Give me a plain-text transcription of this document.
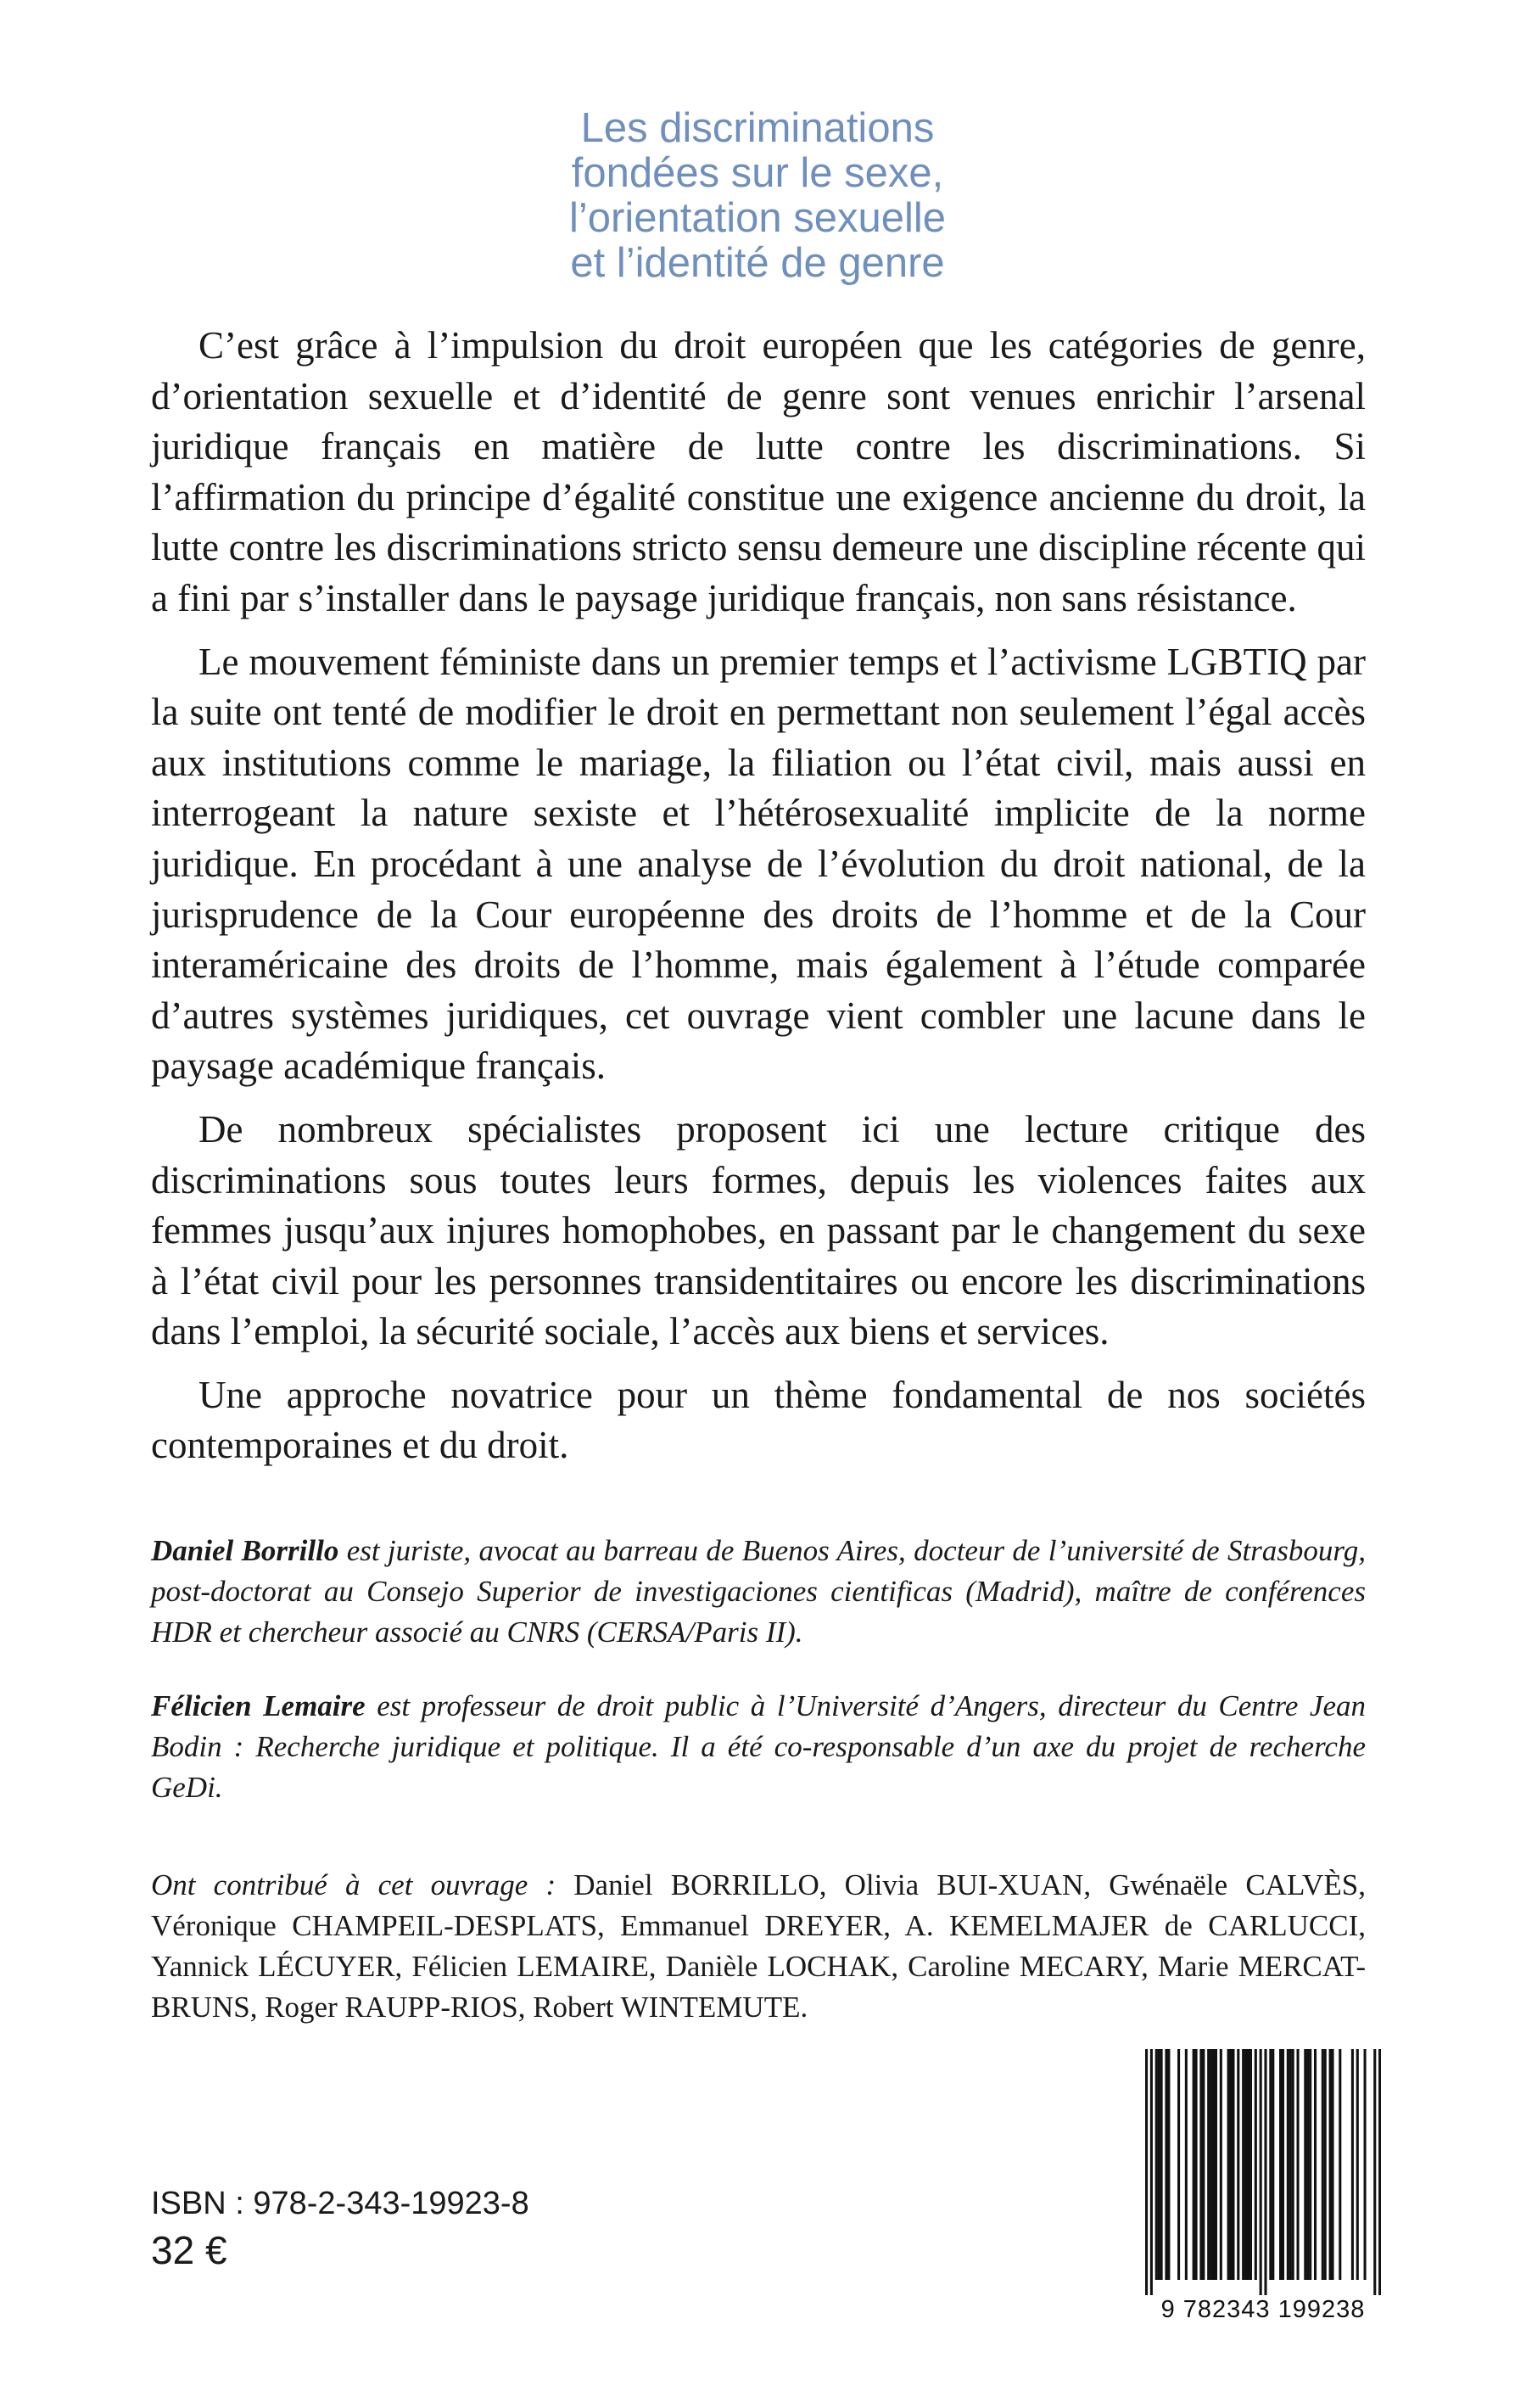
Les discriminations
fondées sur le sexe,
l’orientation sexuelle
et l’identité de genre

C’est grâce à l’impulsion du droit européen que les catégories de genre, d’orientation sexuelle et d’identité de genre sont venues enrichir l’arsenal juridique français en matière de lutte contre les discriminations. Si l’affirmation du principe d’égalité constitue une exigence ancienne du droit, la lutte contre les discriminations stricto sensu demeure une discipline récente qui a fini par s’installer dans le paysage juridique français, non sans résistance.

Le mouvement féministe dans un premier temps et l’activisme LGBTIQ par la suite ont tenté de modifier le droit en permettant non seulement l’égal accès aux institutions comme le mariage, la filiation ou l’état civil, mais aussi en interrogeant la nature sexiste et l’hétérosexualité implicite de la norme juridique. En procédant à une analyse de l’évolution du droit national, de la jurisprudence de la Cour européenne des droits de l’homme et de la Cour interaméricaine des droits de l’homme, mais également à l’étude comparée d’autres systèmes juridiques, cet ouvrage vient combler une lacune dans le paysage académique français.

De nombreux spécialistes proposent ici une lecture critique des discriminations sous toutes leurs formes, depuis les violences faites aux femmes jusqu’aux injures homophobes, en passant par le changement du sexe à l’état civil pour les personnes transidentitaires ou encore les discriminations dans l’emploi, la sécurité sociale, l’accès aux biens et services.

Une approche novatrice pour un thème fondamental de nos sociétés contemporaines et du droit.

Daniel Borrillo est juriste, avocat au barreau de Buenos Aires, docteur de l’université de Strasbourg, post-doctorat au Consejo Superior de investigaciones cientificas (Madrid), maître de conférences HDR et chercheur associé au CNRS (CERSA/Paris II).

Félicien Lemaire est professeur de droit public à l’Université d’Angers, directeur du Centre Jean Bodin : Recherche juridique et politique. Il a été co-responsable d’un axe du projet de recherche GeDi.

Ont contribué à cet ouvrage : Daniel BORRILLO, Olivia BUI-XUAN, Gwénaële CALVÈS, Véronique CHAMPEIL-DESPLATS, Emmanuel DREYER, A. KEMELMAJER de CARLUCCI, Yannick LÉCUYER, Félicien LEMAIRE, Danièle LOCHAK, Caroline MECARY, Marie MERCAT-BRUNS, Roger RAUPP-RIOS, Robert WINTEMUTE.

ISBN : 978-2-343-19923-8
32 €
9 782343 199238
